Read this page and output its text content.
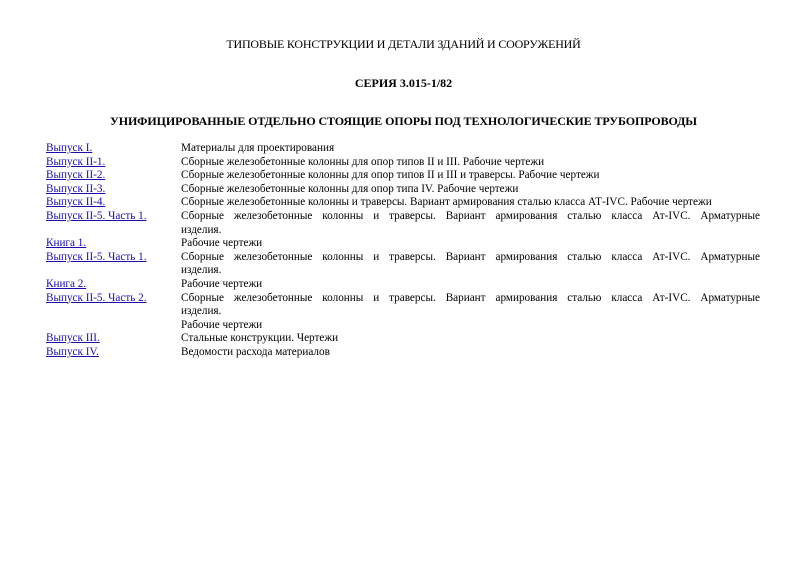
ТИПОВЫЕ КОНСТРУКЦИИ И ДЕТАЛИ ЗДАНИЙ И СООРУЖЕНИЙ
СЕРИЯ 3.015-1/82
УНИФИЦИРОВАННЫЕ ОТДЕЛЬНО СТОЯЩИЕ ОПОРЫ ПОД ТЕХНОЛОГИЧЕСКИЕ ТРУБОПРОВОДЫ
Выпуск I.	Материалы для проектирования
Выпуск II-1.	Сборные железобетонные колонны для опор типов II и III. Рабочие чертежи
Выпуск II-2.	Сборные железобетонные колонны для опор типов II и III и траверсы. Рабочие чертежи
Выпуск II-3.	Сборные железобетонные колонны для опор типа IV. Рабочие чертежи
Выпуск II-4.	Сборные железобетонные колонны и траверсы. Вариант армирования сталью класса АТ-IVС. Рабочие чертежи
Выпуск II-5. Часть 1.	Сборные железобетонные колонны и траверсы. Вариант армирования сталью класса Ат-IVС. Арматурные изделия.
Книга 1.	Рабочие чертежи
Выпуск II-5. Часть 1.	Сборные железобетонные колонны и траверсы. Вариант армирования сталью класса Ат-IVС. Арматурные изделия.
Книга 2.	Рабочие чертежи
Выпуск II-5. Часть 2.	Сборные железобетонные колонны и траверсы. Вариант армирования сталью класса Ат-IVС. Арматурные изделия.
Рабочие чертежи
Выпуск III.	Стальные конструкции. Чертежи
Выпуск IV.	Ведомости расхода материалов
